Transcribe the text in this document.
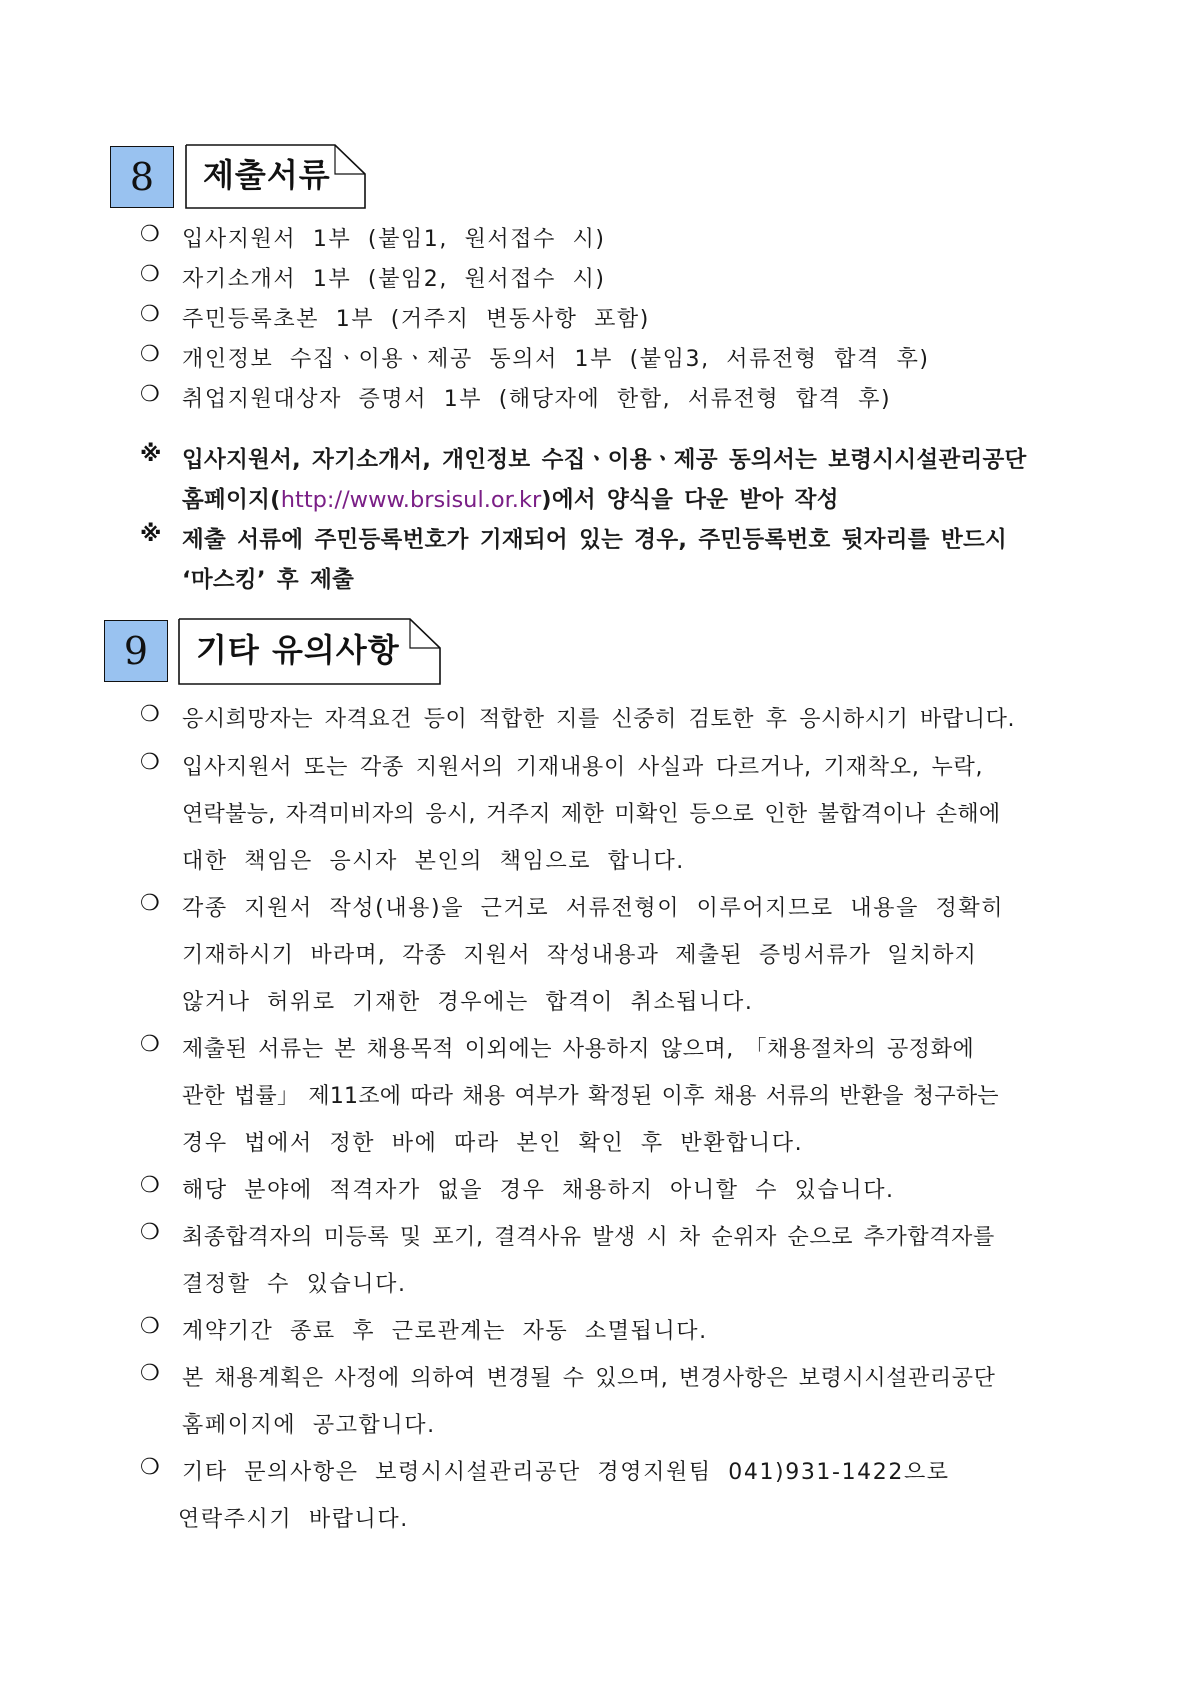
8	제출서류
❍ 입사지원서 1부 (붙임1, 원서접수 시)
❍ 자기소개서 1부 (붙임2, 원서접수 시)
❍ 주민등록초본 1부 (거주지 변동사항 포함)
❍ 개인정보 수집ㆍ이용ㆍ제공 동의서 1부 (붙임3, 서류전형 합격 후)
❍ 취업지원대상자 증명서 1부 (해당자에 한함, 서류전형 합격 후)
※ 입사지원서, 자기소개서, 개인정보 수집ㆍ이용ㆍ제공 동의서는 보령시시설관리공단
홈페이지(http://www.brsisul.or.kr)에서 양식을 다운 받아 작성
※ 제출 서류에 주민등록번호가 기재되어 있는 경우, 주민등록번호 뒷자리를 반드시
‘마스킹’ 후 제출
9	기타 유의사항
❍ 응시희망자는 자격요건 등이 적합한 지를 신중히 검토한 후 응시하시기 바랍니다.
❍ 입사지원서 또는 각종 지원서의 기재내용이 사실과 다르거나, 기재착오, 누락,
연락불능, 자격미비자의 응시, 거주지 제한 미확인 등으로 인한 불합격이나 손해에
대한 책임은 응시자 본인의 책임으로 합니다.
❍ 각종 지원서 작성(내용)을 근거로 서류전형이 이루어지므로 내용을 정확히
기재하시기 바라며, 각종 지원서 작성내용과 제출된 증빙서류가 일치하지
않거나 허위로 기재한 경우에는 합격이 취소됩니다.
❍ 제출된 서류는 본 채용목적 이외에는 사용하지 않으며, 「채용절차의 공정화에
관한 법률」 제11조에 따라 채용 여부가 확정된 이후 채용 서류의 반환을 청구하는
경우 법에서 정한 바에 따라 본인 확인 후 반환합니다.
❍ 해당 분야에 적격자가 없을 경우 채용하지 아니할 수 있습니다.
❍ 최종합격자의 미등록 및 포기, 결격사유 발생 시 차 순위자 순으로 추가합격자를
결정할 수 있습니다.
❍ 계약기간 종료 후 근로관계는 자동 소멸됩니다.
❍ 본 채용계획은 사정에 의하여 변경될 수 있으며, 변경사항은 보령시시설관리공단
홈페이지에 공고합니다.
❍ 기타 문의사항은 보령시시설관리공단 경영지원팀 041)931-1422으로
연락주시기 바랍니다.
